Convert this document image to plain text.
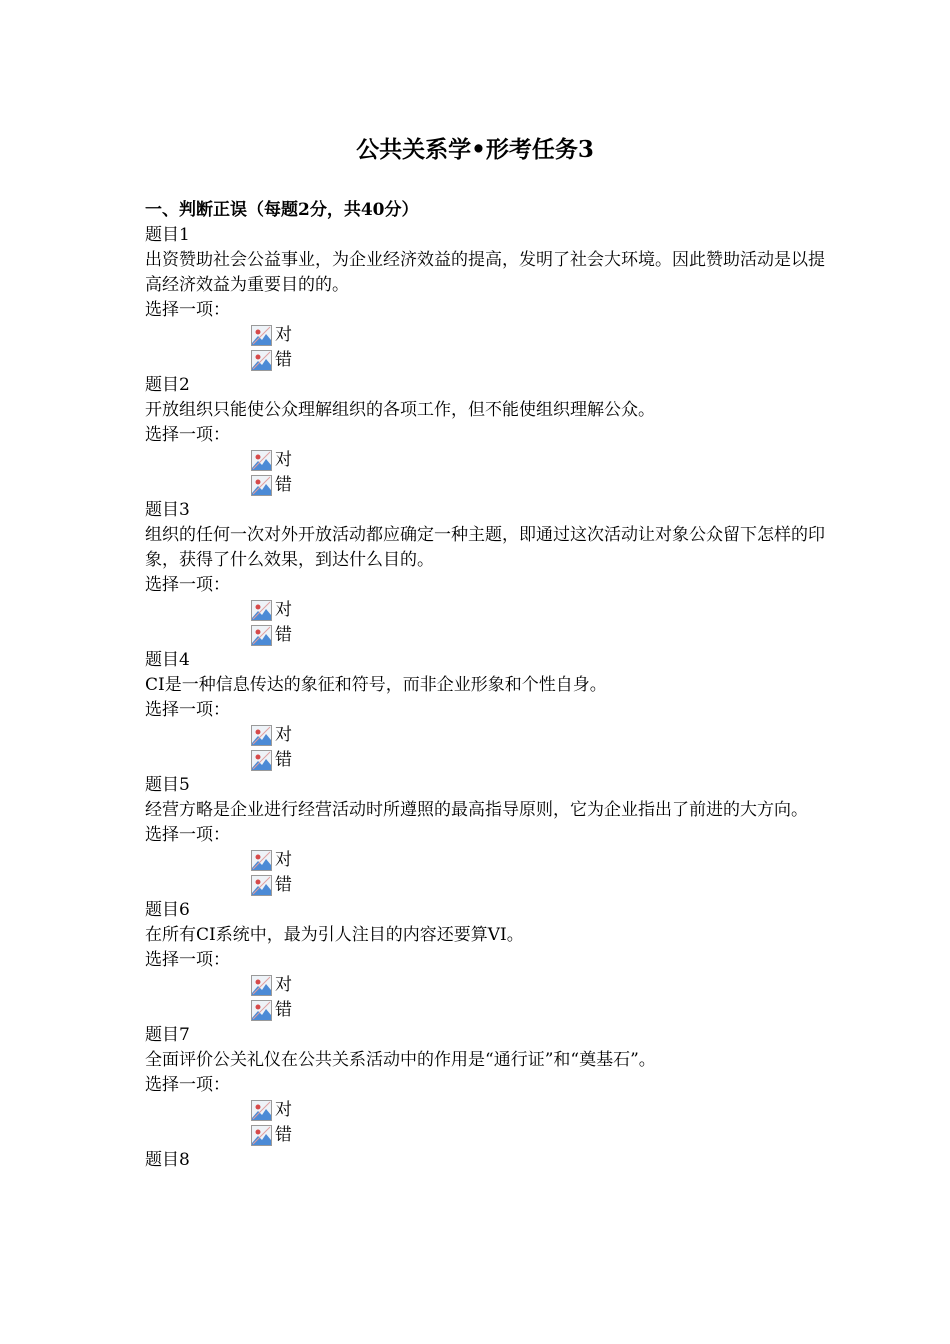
公共关系学•形考任务3
一、判断正误（每题2分，共40分）
题目1
出资赞助社会公益事业，为企业经济效益的提高，发明了社会大环境。因此赞助活动是以提高经济效益为重要目的的。
选择一项：
对
错
题目2
开放组织只能使公众理解组织的各项工作，但不能使组织理解公众。
选择一项：
对
错
题目3
组织的任何一次对外开放活动都应确定一种主题，即通过这次活动让对象公众留下怎样的印象，获得了什么效果，到达什么目的。
选择一项：
对
错
题目4
CI是一种信息传达的象征和符号，而非企业形象和个性自身。
选择一项：
对
错
题目5
经营方略是企业进行经营活动时所遵照的最高指导原则，它为企业指出了前进的大方向。
选择一项：
对
错
题目6
在所有CI系统中，最为引人注目的内容还要算VI。
选择一项：
对
错
题目7
全面评价公关礼仪在公共关系活动中的作用是“通行证”和“奠基石”。
选择一项：
对
错
题目8
